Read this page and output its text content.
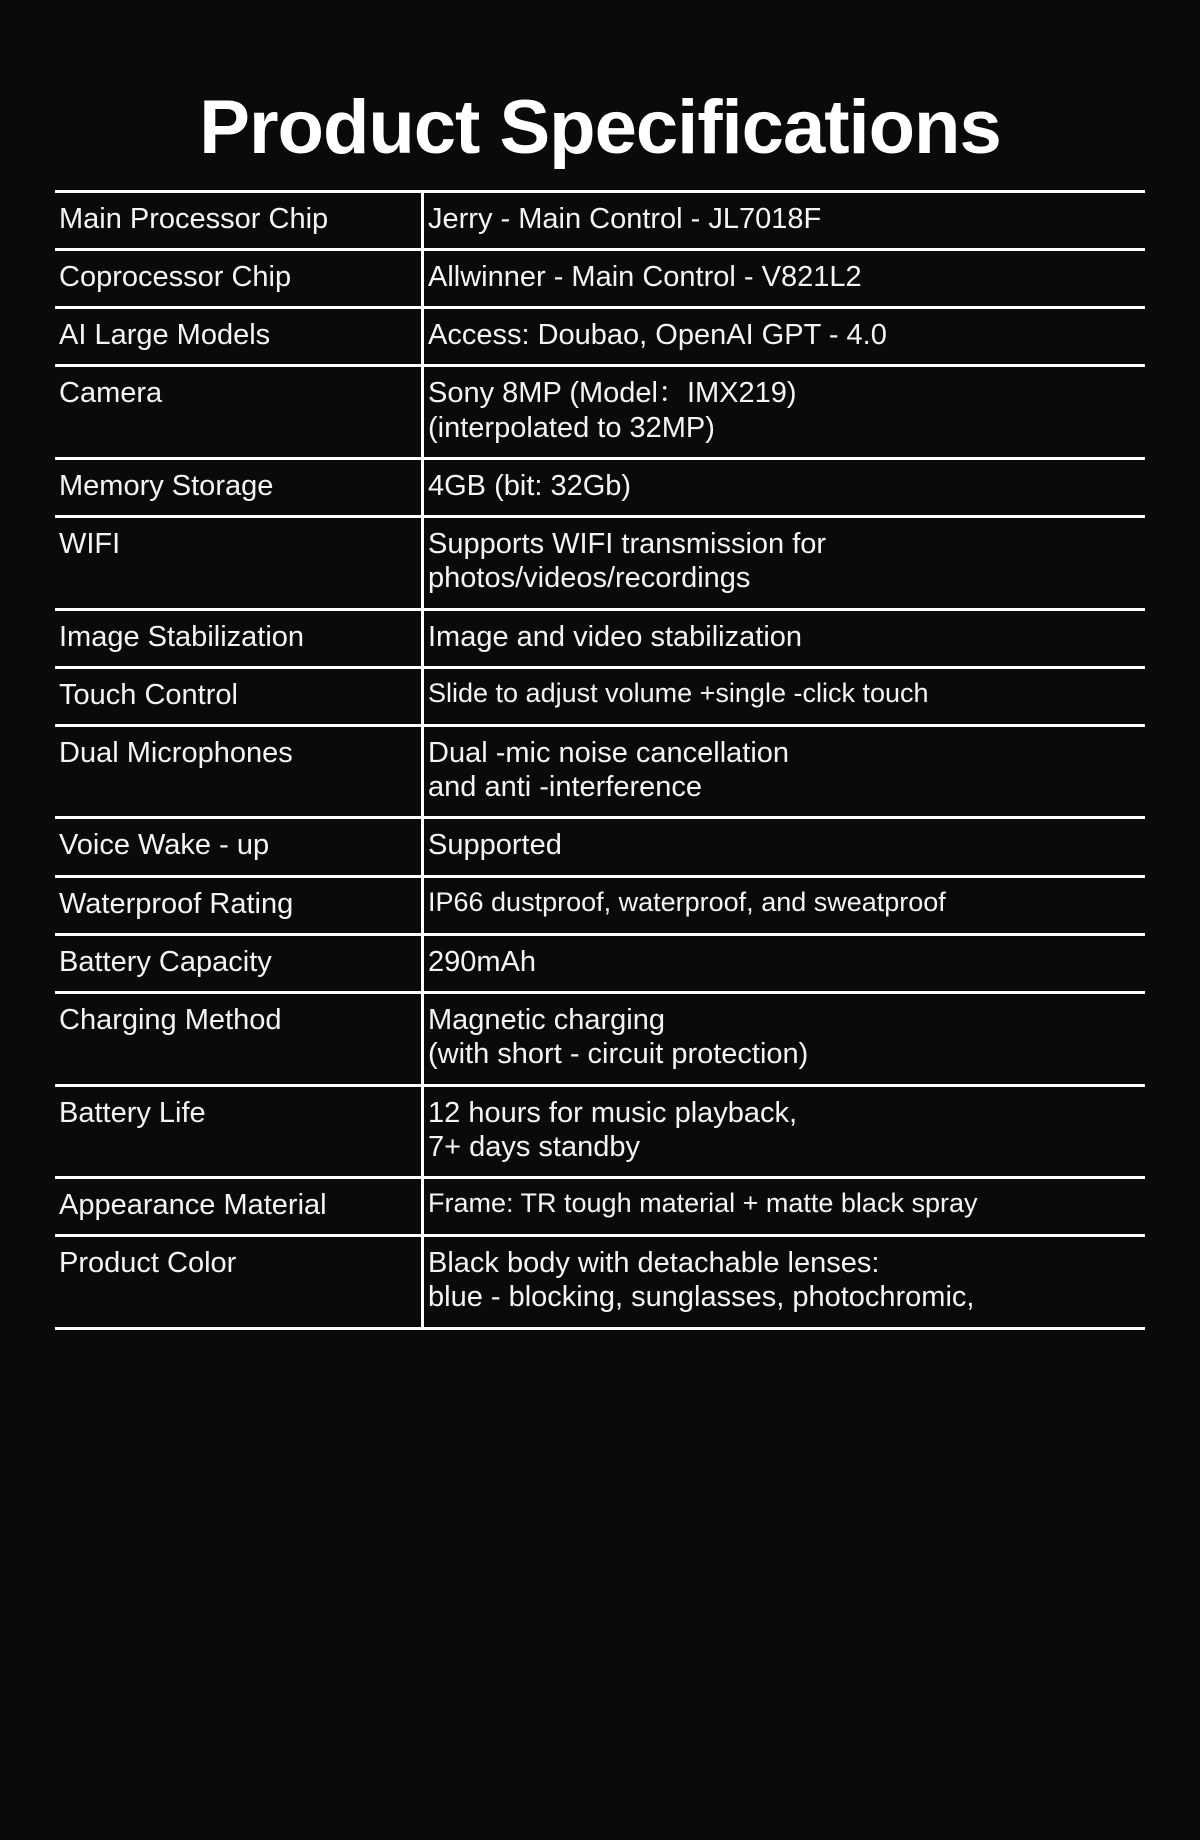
Product Specifications
Main Processor Chip	Jerry - Main Control - JL7018F

Coprocessor Chip	Allwinner - Main Control - V821L2

AI Large Models	Access: Doubao, OpenAI GPT - 4.0

Camera	Sony 8MP (Model：IMX219)
(interpolated to 32MP)

Memory Storage	4GB (bit: 32Gb)

WIFI	Supports WIFI transmission for
photos/videos/recordings

Image Stabilization	Image and video stabilization

Touch Control	Slide to adjust volume +single -click touch

Dual Microphones	Dual -mic noise cancellation
and anti -interference

Voice Wake - up	Supported

Waterproof Rating	IP66 dustproof, waterproof, and sweatproof

Battery Capacity	290mAh

Charging Method	Magnetic charging
(with short - circuit protection)

Battery Life	12 hours for music playback,
7+ days standby

Appearance Material	Frame: TR tough material + matte black spray

Product Color	Black body with detachable lenses:
blue - blocking, sunglasses, photochromic,
